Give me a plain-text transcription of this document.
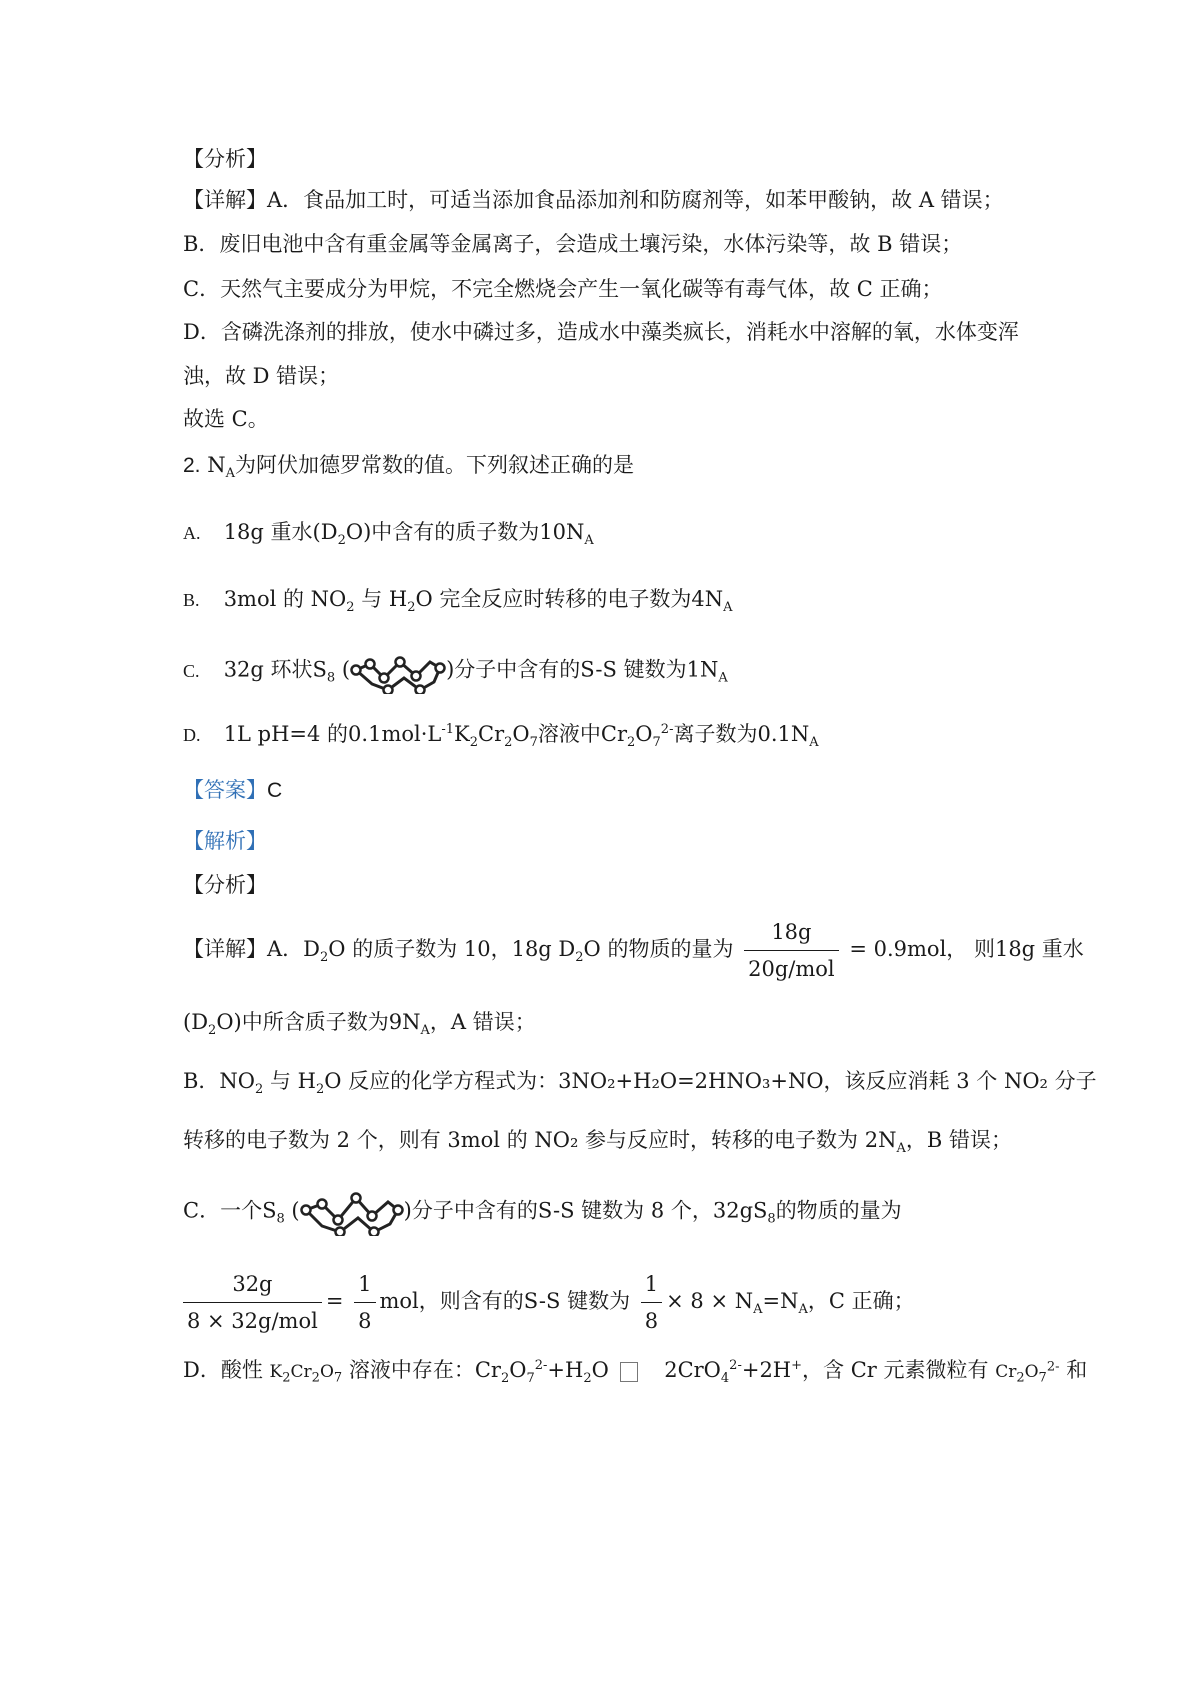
【分析】
【详解】A．食品加工时，可适当添加食品添加剂和防腐剂等，如苯甲酸钠，故 A 错误；
B．废旧电池中含有重金属等金属离子，会造成土壤污染，水体污染等，故 B 错误；
C．天然气主要成分为甲烷，不完全燃烧会产生一氧化碳等有毒气体，故 C 正确；
D．含磷洗涤剂的排放，使水中磷过多，造成水中藻类疯长，消耗水中溶解的氧，水体变浑
浊，故 D 错误；
故选 C。
2. $N_A$为阿伏加德罗常数的值。下列叙述正确的是
A. 18g 重水$(D_2O)$中含有的质子数为$10N_A$
B. 3mol 的 $NO_2$ 与 $H_2O$ 完全反应时转移的电子数为$4N_A$
C. 32g 环状$S_8$ (	)分子中含有的S-S 键数为$1N_A$
D. 1L pH=4 的$0.1mol\cdot L^{-1}K_2Cr_2O_7$溶液中$Cr_2O_7^{2-}$离子数为$0.1N_A$
【答案】C
【解析】
【分析】
【详解】A．$D_2O$ 的质子数为 10，18g $D_2O$ 的物质的量为 $\frac{18g}{\text{20g/mol}} = 0.9mol$， 则18g 重水
$(D_2O)$中所含质子数为$9N_A$，A 错误；
B．$NO_2$ 与 $H_2O$ 反应的化学方程式为：3NO₂+H₂O=2HNO₃+NO，该反应消耗 3 个 NO₂ 分子
转移的电子数为 2 个，则有 3mol 的 NO₂ 参与反应时，转移的电子数为 $2N_A$，B 错误；
C．一个$S_8$ (	)分子中含有的S-S 键数为 8 个，$32gS_8$的物质的量为
$\frac{32g}{\text{8 × 32g/mol}} = \frac{1}{8}$ mol，则含有的S-S 键数为 $\frac{1}{8} \times 8 \times N_A=N_A$，C 正确；
D．酸性 $K_2Cr_2O_7$ 溶液中存在：$Cr_2O_7^{2-}+H_2O$	2CrO$_4^{2-}$+2H+，含 Cr 元素微粒有 $Cr_2O_7^{2-}$ 和
